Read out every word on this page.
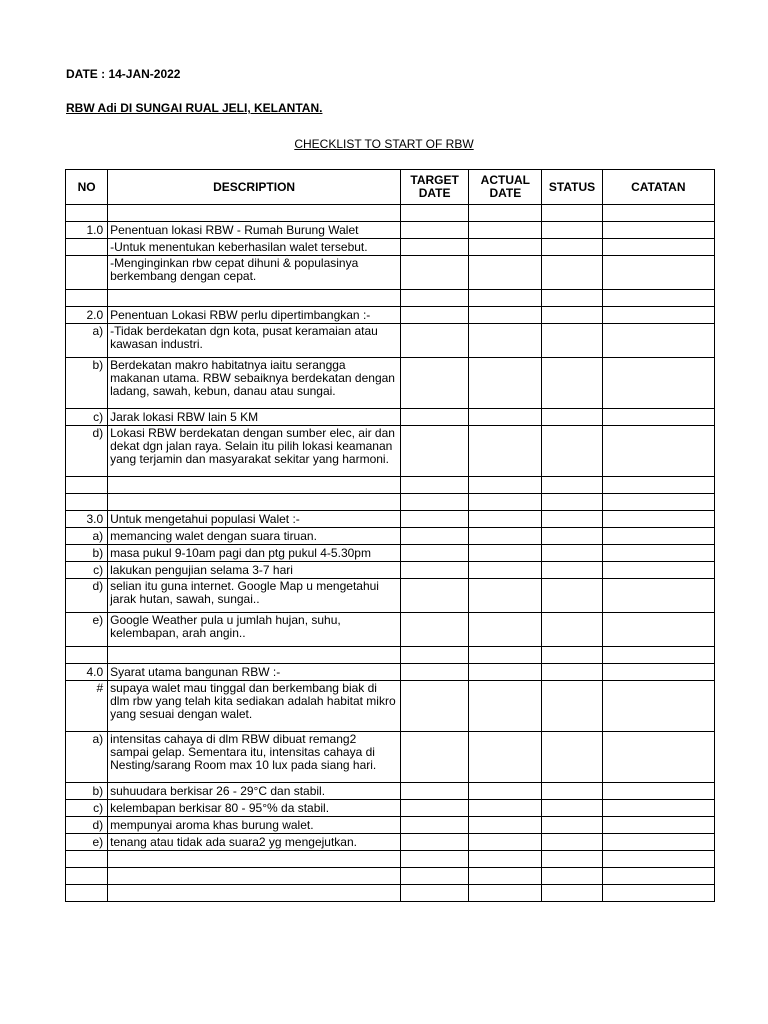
DATE : 14-JAN-2022
RBW Adi DI SUNGAI RUAL JELI, KELANTAN.
CHECKLIST TO START OF RBW
NO	DESCRIPTION	TARGET DATE	ACTUAL DATE	STATUS	CATATAN

1.0	Penentuan lokasi RBW - Rumah Burung Walet				
	-Untuk menentukan keberhasilan walet tersebut.				
	-Menginginkan rbw cepat dihuni & populasinya berkembang dengan cepat.				

2.0	Penentuan Lokasi RBW perlu dipertimbangkan :-				
a)	-Tidak berdekatan dgn kota, pusat keramaian atau kawasan industri.				
b)	Berdekatan makro habitatnya iaitu serangga makanan utama. RBW sebaiknya berdekatan dengan ladang, sawah, kebun, danau atau sungai.				
c)	Jarak lokasi RBW lain 5 KM				
d)	Lokasi RBW berdekatan dengan sumber elec, air dan dekat dgn jalan raya. Selain itu pilih lokasi keamanan yang terjamin dan masyarakat sekitar yang harmoni.				

3.0	Untuk mengetahui populasi Walet :-				
a)	memancing walet dengan suara tiruan.				
b)	masa pukul 9-10am pagi dan ptg pukul 4-5.30pm				
c)	lakukan pengujian selama 3-7 hari				
d)	selian itu guna internet. Google Map u mengetahui jarak hutan, sawah, sungai..				
e)	Google Weather pula u jumlah hujan, suhu, kelembapan, arah angin..				

4.0	Syarat utama bangunan RBW :-				
#	supaya walet mau tinggal dan berkembang biak di dlm rbw yang telah kita sediakan adalah habitat mikro yang sesuai dengan walet.				
a)	intensitas cahaya di dlm RBW dibuat remang2 sampai gelap. Sementara itu, intensitas cahaya di Nesting/sarang Room max 10 lux pada siang hari.				
b)	suhuudara berkisar 26 - 29°C dan stabil.				
c)	kelembapan berkisar 80 - 95°% da stabil.				
d)	mempunyai aroma khas burung walet.				
e)	tenang atau tidak ada suara2 yg mengejutkan.				
